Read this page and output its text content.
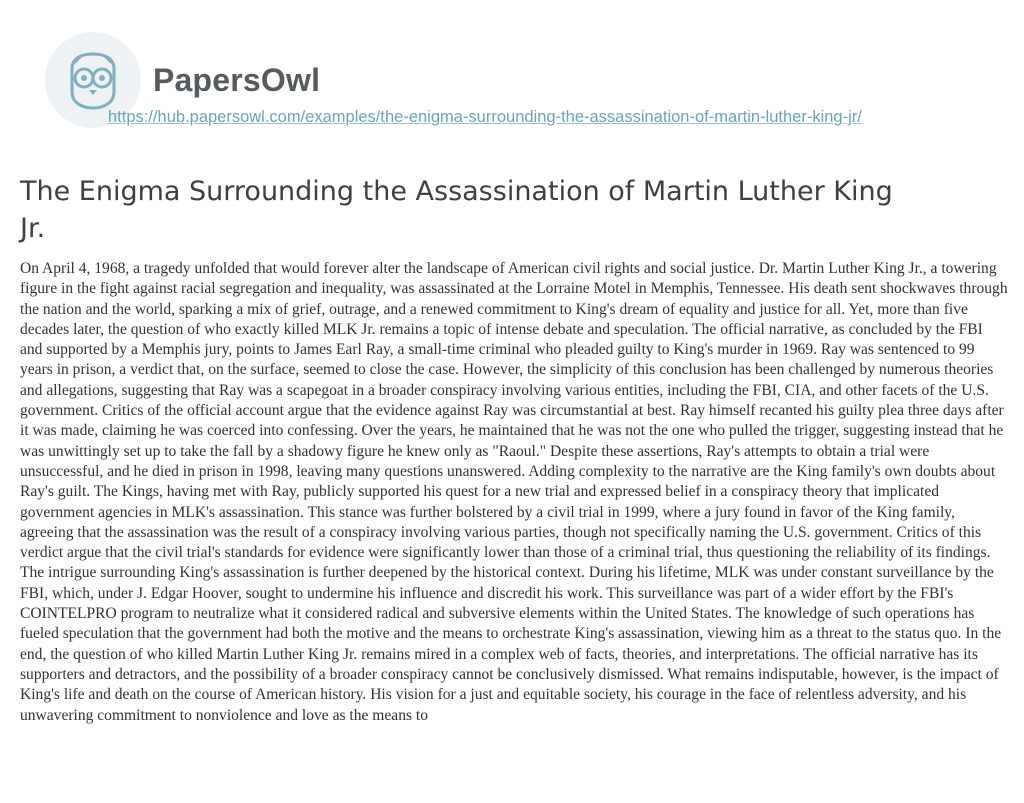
PapersOwl
https://hub.papersowl.com/examples/the-enigma-surrounding-the-assassination-of-martin-luther-king-jr/
The Enigma Surrounding the Assassination of Martin Luther King Jr.

On April 4, 1968, a tragedy unfolded that would forever alter the landscape of American civil rights and social justice. Dr. Martin Luther King Jr., a towering figure in the fight against racial segregation and inequality, was assassinated at the Lorraine Motel in Memphis, Tennessee. His death sent shockwaves through the nation and the world, sparking a mix of grief, outrage, and a renewed commitment to King's dream of equality and justice for all. Yet, more than five decades later, the question of who exactly killed MLK Jr. remains a topic of intense debate and speculation. The official narrative, as concluded by the FBI and supported by a Memphis jury, points to James Earl Ray, a small-time criminal who pleaded guilty to King's murder in 1969. Ray was sentenced to 99 years in prison, a verdict that, on the surface, seemed to close the case. However, the simplicity of this conclusion has been challenged by numerous theories and allegations, suggesting that Ray was a scapegoat in a broader conspiracy involving various entities, including the FBI, CIA, and other facets of the U.S. government. Critics of the official account argue that the evidence against Ray was circumstantial at best. Ray himself recanted his guilty plea three days after it was made, claiming he was coerced into confessing. Over the years, he maintained that he was not the one who pulled the trigger, suggesting instead that he was unwittingly set up to take the fall by a shadowy figure he knew only as "Raoul." Despite these assertions, Ray's attempts to obtain a trial were unsuccessful, and he died in prison in 1998, leaving many questions unanswered. Adding complexity to the narrative are the King family's own doubts about Ray's guilt. The Kings, having met with Ray, publicly supported his quest for a new trial and expressed belief in a conspiracy theory that implicated government agencies in MLK's assassination. This stance was further bolstered by a civil trial in 1999, where a jury found in favor of the King family, agreeing that the assassination was the result of a conspiracy involving various parties, though not specifically naming the U.S. government. Critics of this verdict argue that the civil trial's standards for evidence were significantly lower than those of a criminal trial, thus questioning the reliability of its findings. The intrigue surrounding King's assassination is further deepened by the historical context. During his lifetime, MLK was under constant surveillance by the FBI, which, under J. Edgar Hoover, sought to undermine his influence and discredit his work. This surveillance was part of a wider effort by the FBI's COINTELPRO program to neutralize what it considered radical and subversive elements within the United States. The knowledge of such operations has fueled speculation that the government had both the motive and the means to orchestrate King's assassination, viewing him as a threat to the status quo. In the end, the question of who killed Martin Luther King Jr. remains mired in a complex web of facts, theories, and interpretations. The official narrative has its supporters and detractors, and the possibility of a broader conspiracy cannot be conclusively dismissed. What remains indisputable, however, is the impact of King's life and death on the course of American history. His vision for a just and equitable society, his courage in the face of relentless adversity, and his unwavering commitment to nonviolence and love as the means to
